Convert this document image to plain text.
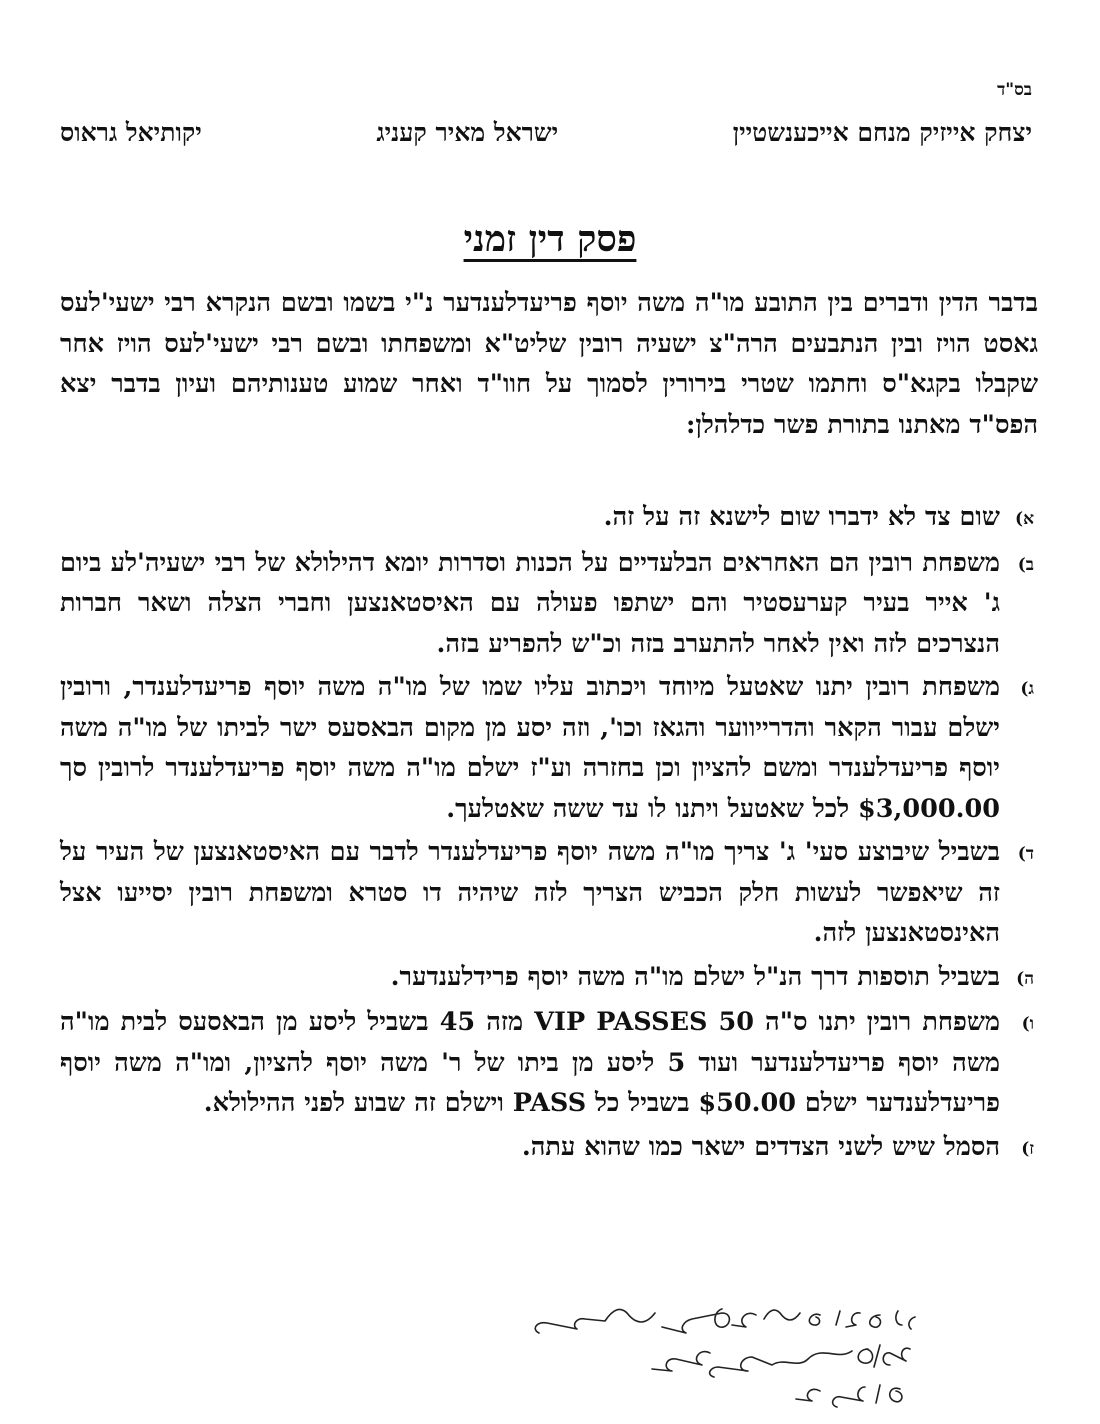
בס"ד
יצחק אייזיק מנחם אייכענשטיין
ישראל מאיר קעניג
יקותיאל גראוס
פסק דין זמני
בדבר הדין ודברים בין התובע מו"ה משה יוסף פריעדלענדער נ"י בשמו ובשם הנקרא רבי ישעי'לעס גאסט הויז ובין הנתבעים הרה"צ ישעיה רובין שליט"א ומשפחתו ובשם רבי ישעי'לעס הויז אחר שקבלו בקגא"ס וחתמו שטרי בירורין לסמוך על חוו"ד ואחר שמוע טענותיהם ועיון בדבר יצא הפס"ד מאתנו בתורת פשר כדלהלן:
א)
שום צד לא ידברו שום לישנא זה על זה.
ב)
משפחת רובין הם האחראים הבלעדיים על הכנות וסדרות יומא דהילולא של רבי ישעיה'לע ביום ג' אייר בעיר קערעסטיר והם ישתפו פעולה עם האיסטאנצען וחברי הצלה ושאר חברות הנצרכים לזה ואין לאחר להתערב בזה וכ"ש להפריע בזה.
ג)
משפחת רובין יתנו שאטעל מיוחד ויכתוב עליו שמו של מו"ה משה יוסף פריעדלענדר, ורובין ישלם עבור הקאר והדרייווער והגאז וכו', וזה יסע מן מקום הבאסעס ישר לביתו של מו"ה משה יוסף פריעדלענדר ומשם להציון וכן בחזרה וע"ז ישלם מו"ה משה יוסף פריעדלענדר לרובין סך $3,000.00 לכל שאטעל ויתנו לו עד ששה שאטלעך.
ד)
בשביל שיבוצע סעי' ג' צריך מו"ה משה יוסף פריעדלענדר לדבר עם האיסטאנצען של העיר על זה שיאפשר לעשות חלק הכביש הצריך לזה שיהיה דו סטרא ומשפחת רובין יסייעו אצל האינסטאנצען לזה.
ה)
בשביל תוספות דרך הנ"ל ישלם מו"ה משה יוסף פרידלענדער.
ו)
משפחת רובין יתנו ס"ה VIP PASSES 50 מזה 45 בשביל ליסע מן הבאסעס לבית מו"ה משה יוסף פריעדלענדער ועוד 5 ליסע מן ביתו של ר' משה יוסף להציון, ומו"ה משה יוסף פריעדלענדער ישלם $50.00 בשביל כל PASS וישלם זה שבוע לפני ההילולא.
ז)
הסמל שיש לשני הצדדים ישאר כמו שהוא עתה.
